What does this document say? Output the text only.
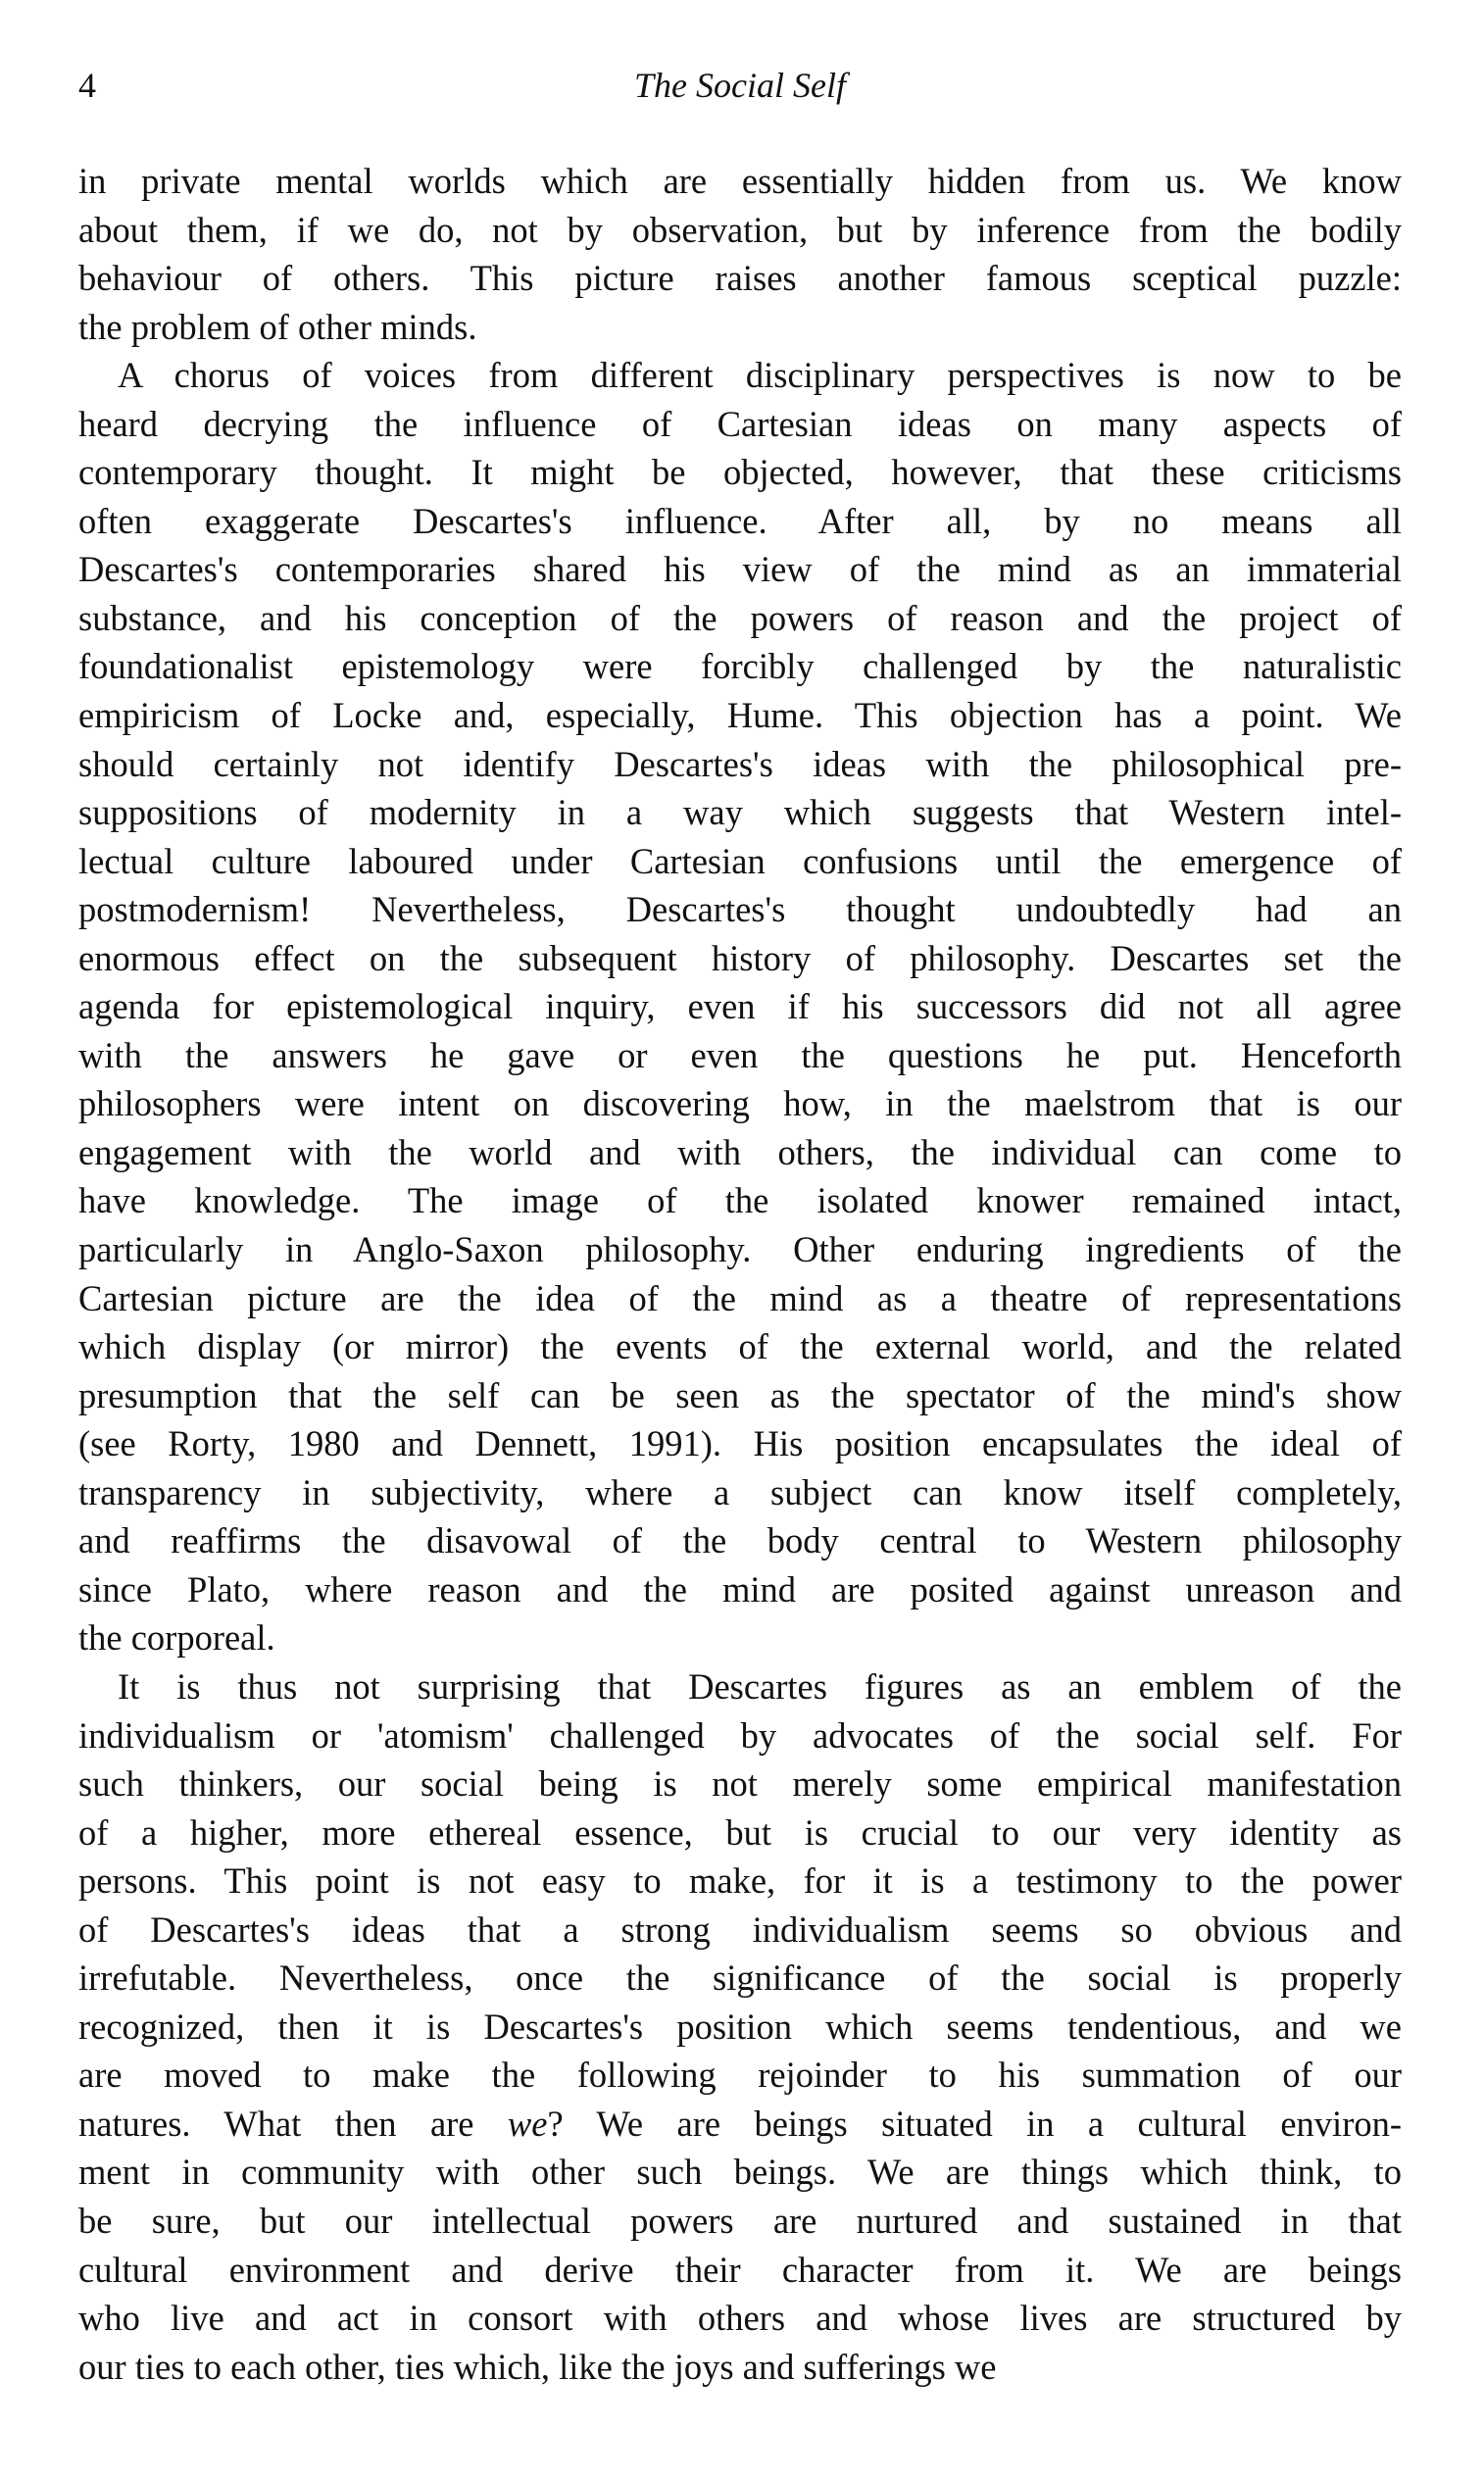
4	The Social Self
in private mental worlds which are essentially hidden from us. We know
about them, if we do, not by observation, but by inference from the bodily
behaviour of others. This picture raises another famous sceptical puzzle:
the problem of other minds.
A chorus of voices from different disciplinary perspectives is now to be
heard decrying the influence of Cartesian ideas on many aspects of
contemporary thought. It might be objected, however, that these criticisms
often exaggerate Descartes's influence. After all, by no means all
Descartes's contemporaries shared his view of the mind as an immaterial
substance, and his conception of the powers of reason and the project of
foundationalist epistemology were forcibly challenged by the naturalistic
empiricism of Locke and, especially, Hume. This objection has a point. We
should certainly not identify Descartes's ideas with the philosophical pre-
suppositions of modernity in a way which suggests that Western intel-
lectual culture laboured under Cartesian confusions until the emergence of
postmodernism! Nevertheless, Descartes's thought undoubtedly had an
enormous effect on the subsequent history of philosophy. Descartes set the
agenda for epistemological inquiry, even if his successors did not all agree
with the answers he gave or even the questions he put. Henceforth
philosophers were intent on discovering how, in the maelstrom that is our
engagement with the world and with others, the individual can come to
have knowledge. The image of the isolated knower remained intact,
particularly in Anglo-Saxon philosophy. Other enduring ingredients of the
Cartesian picture are the idea of the mind as a theatre of representations
which display (or mirror) the events of the external world, and the related
presumption that the self can be seen as the spectator of the mind's show
(see Rorty, 1980 and Dennett, 1991). His position encapsulates the ideal of
transparency in subjectivity, where a subject can know itself completely,
and reaffirms the disavowal of the body central to Western philosophy
since Plato, where reason and the mind are posited against unreason and
the corporeal.
It is thus not surprising that Descartes figures as an emblem of the
individualism or 'atomism' challenged by advocates of the social self. For
such thinkers, our social being is not merely some empirical manifestation
of a higher, more ethereal essence, but is crucial to our very identity as
persons. This point is not easy to make, for it is a testimony to the power
of Descartes's ideas that a strong individualism seems so obvious and
irrefutable. Nevertheless, once the significance of the social is properly
recognized, then it is Descartes's position which seems tendentious, and we
are moved to make the following rejoinder to his summation of our
natures. What then are we? We are beings situated in a cultural environ-
ment in community with other such beings. We are things which think, to
be sure, but our intellectual powers are nurtured and sustained in that
cultural environment and derive their character from it. We are beings
who live and act in consort with others and whose lives are structured by
our ties to each other, ties which, like the joys and sufferings we
